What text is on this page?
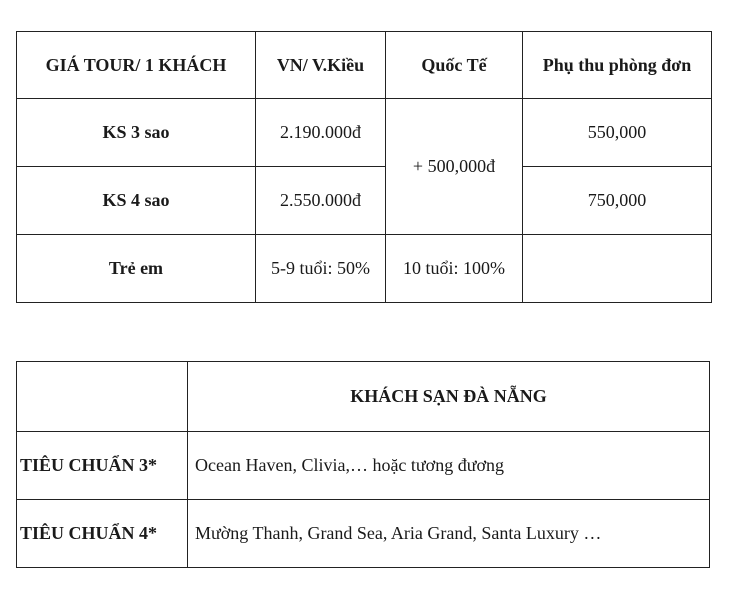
GIÁ TOUR/ 1 KHÁCH	VN/ V.Kiều	Quốc Tế	Phụ thu phòng đơn
KS 3 sao	2.190.000đ	+ 500,000đ	550,000
KS 4 sao	2.550.000đ		750,000
Trẻ em	5-9 tuổi: 50%	10 tuổi: 100%	
	KHÁCH SẠN ĐÀ NẴNG
TIÊU CHUẨN 3*	Ocean Haven, Clivia,… hoặc tương đương
TIÊU CHUẨN 4*	Mường Thanh, Grand Sea, Aria Grand, Santa Luxury …
